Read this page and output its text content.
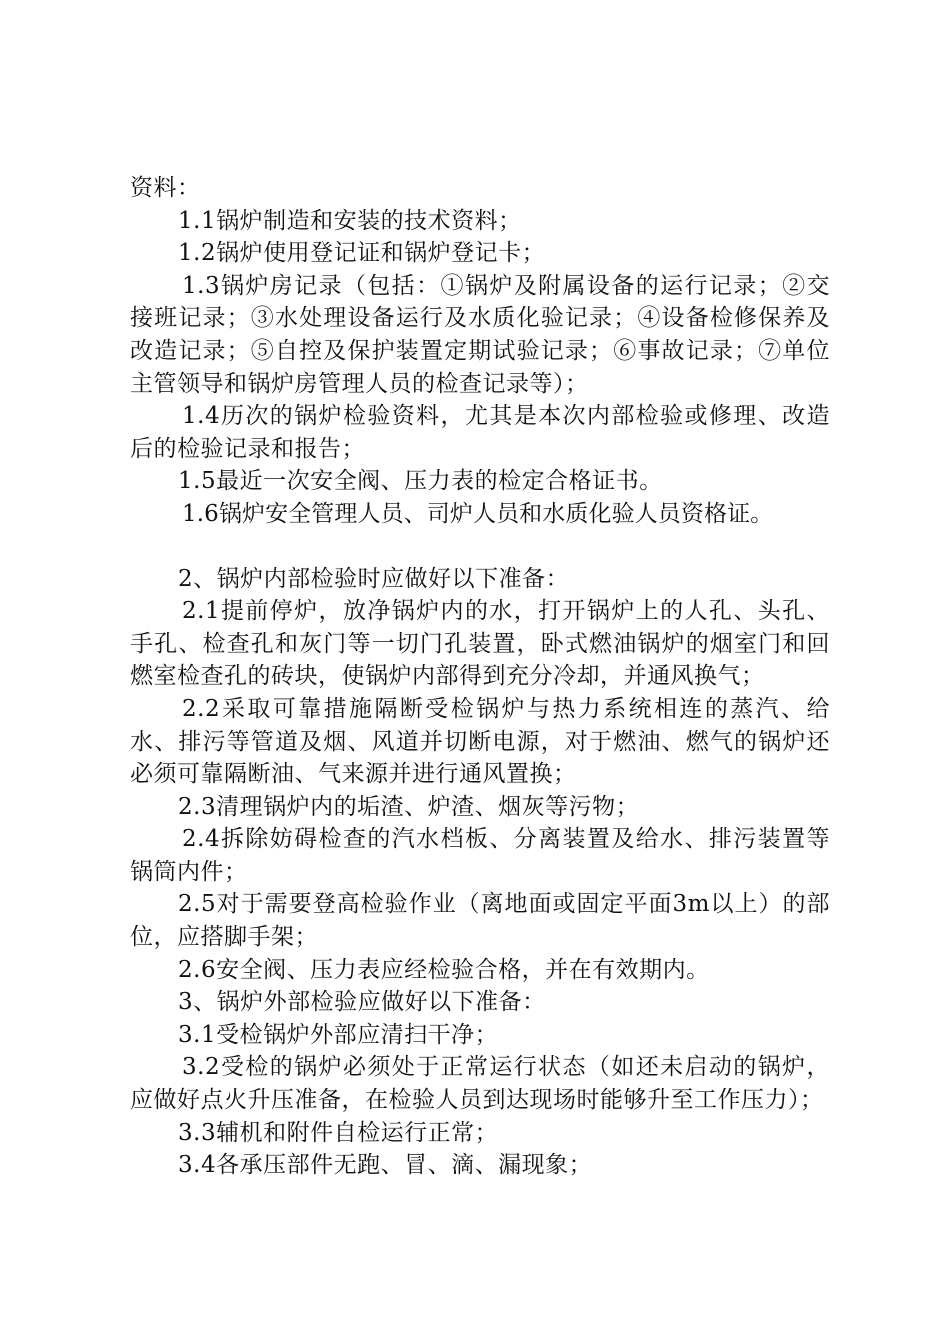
资料：

1.1锅炉制造和安装的技术资料；

1.2锅炉使用登记证和锅炉登记卡；

1.3锅炉房记录（包括：①锅炉及附属设备的运行记录；②交接班记录；③水处理设备运行及水质化验记录；④设备检修保养及改造记录；⑤自控及保护装置定期试验记录；⑥事故记录；⑦单位主管领导和锅炉房管理人员的检查记录等）；

1.4历次的锅炉检验资料，尤其是本次内部检验或修理、改造后的检验记录和报告；

1.5最近一次安全阀、压力表的检定合格证书。

1.6锅炉安全管理人员、司炉人员和水质化验人员资格证。

2、锅炉内部检验时应做好以下准备：

2.1提前停炉，放净锅炉内的水，打开锅炉上的人孔、头孔、手孔、检查孔和灰门等一切门孔装置，卧式燃油锅炉的烟室门和回燃室检查孔的砖块，使锅炉内部得到充分冷却，并通风换气；

2.2采取可靠措施隔断受检锅炉与热力系统相连的蒸汽、给水、排污等管道及烟、风道并切断电源，对于燃油、燃气的锅炉还必须可靠隔断油、气来源并进行通风置换；

2.3清理锅炉内的垢渣、炉渣、烟灰等污物；

2.4拆除妨碍检查的汽水档板、分离装置及给水、排污装置等锅筒内件；

2.5对于需要登高检验作业（离地面或固定平面3m以上）的部位，应搭脚手架；

2.6安全阀、压力表应经检验合格，并在有效期内。

3、锅炉外部检验应做好以下准备：

3.1受检锅炉外部应清扫干净；

3.2受检的锅炉必须处于正常运行状态（如还未启动的锅炉，应做好点火升压准备，在检验人员到达现场时能够升至工作压力）；

3.3辅机和附件自检运行正常；

3.4各承压部件无跑、冒、滴、漏现象；
